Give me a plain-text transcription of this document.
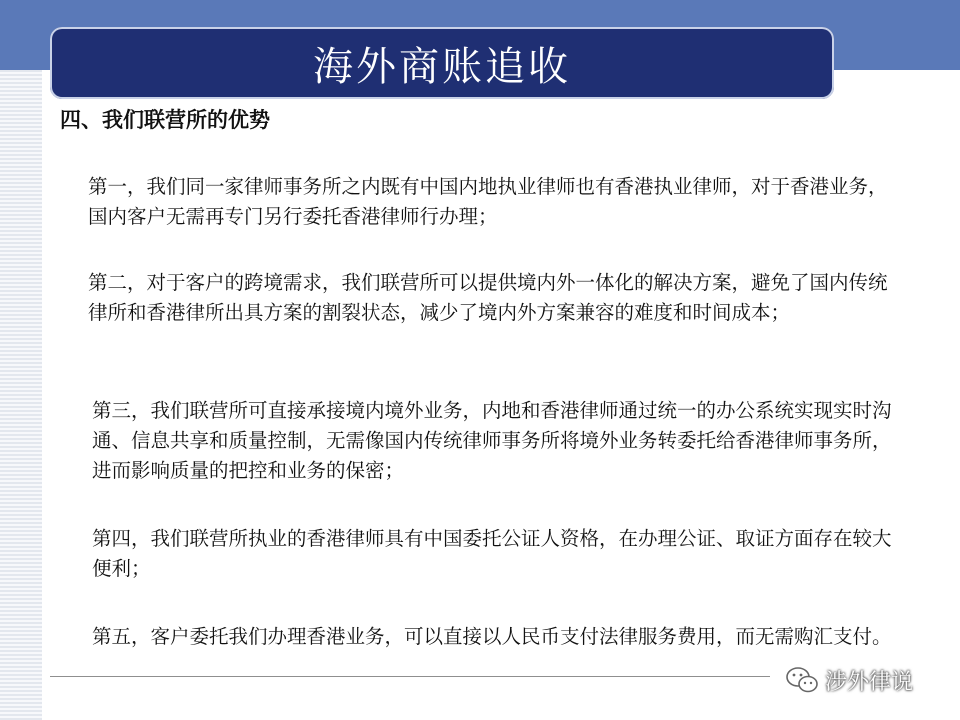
海外商账追收
四、我们联营所的优势

第一，我们同一家律师事务所之内既有中国内地执业律师也有香港执业律师，对于香港业务，国内客户无需再专门另行委托香港律师行办理；

第二，对于客户的跨境需求，我们联营所可以提供境内外一体化的解决方案，避免了国内传统律所和香港律所出具方案的割裂状态，减少了境内外方案兼容的难度和时间成本；

第三，我们联营所可直接承接境内境外业务，内地和香港律师通过统一的办公系统实现实时沟通、信息共享和质量控制，无需像国内传统律师事务所将境外业务转委托给香港律师事务所，进而影响质量的把控和业务的保密；

第四，我们联营所执业的香港律师具有中国委托公证人资格，在办理公证、取证方面存在较大便利；

第五，客户委托我们办理香港业务，可以直接以人民币支付法律服务费用，而无需购汇支付。

涉外律说
